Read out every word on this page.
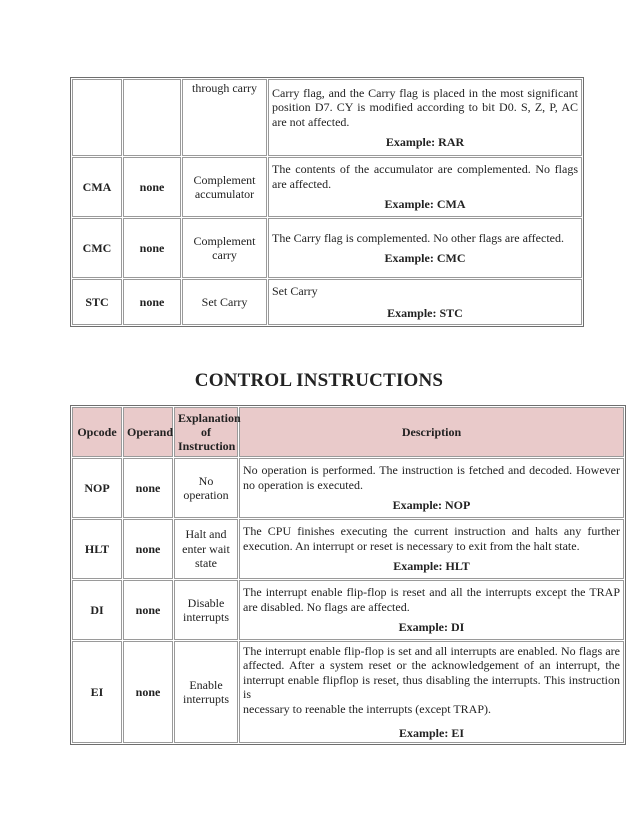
		through carry	Carry flag, and the Carry flag is placed in the most significant position D7. CY is modified according to bit D0. S, Z, P, AC are not affected.
Example: RAR

CMA	none	Complement accumulator	The contents of the accumulator are complemented. No flags are affected.
Example: CMA

CMC	none	Complement carry	The Carry flag is complemented. No other flags are affected.
Example: CMC

STC	none	Set Carry	Set Carry
Example: STC
CONTROL INSTRUCTIONS
Opcode	Operand	Explanation of Instruction	Description
NOP	none	No operation	No operation is performed. The instruction is fetched and decoded. However no operation is executed.
Example: NOP

HLT	none	Halt and enter wait state	The CPU finishes executing the current instruction and halts any further execution. An interrupt or reset is necessary to exit from the halt state.
Example: HLT

DI	none	Disable interrupts	The interrupt enable flip-flop is reset and all the interrupts except the TRAP are disabled. No flags are affected.
Example: DI

EI	none	Enable interrupts	The interrupt enable flip-flop is set and all interrupts are enabled. No flags are affected. After a system reset or the acknowledgement of an interrupt, the interrupt enable flipflop is reset, thus disabling the interrupts. This instruction is
necessary to reenable the interrupts (except TRAP).
Example: EI
